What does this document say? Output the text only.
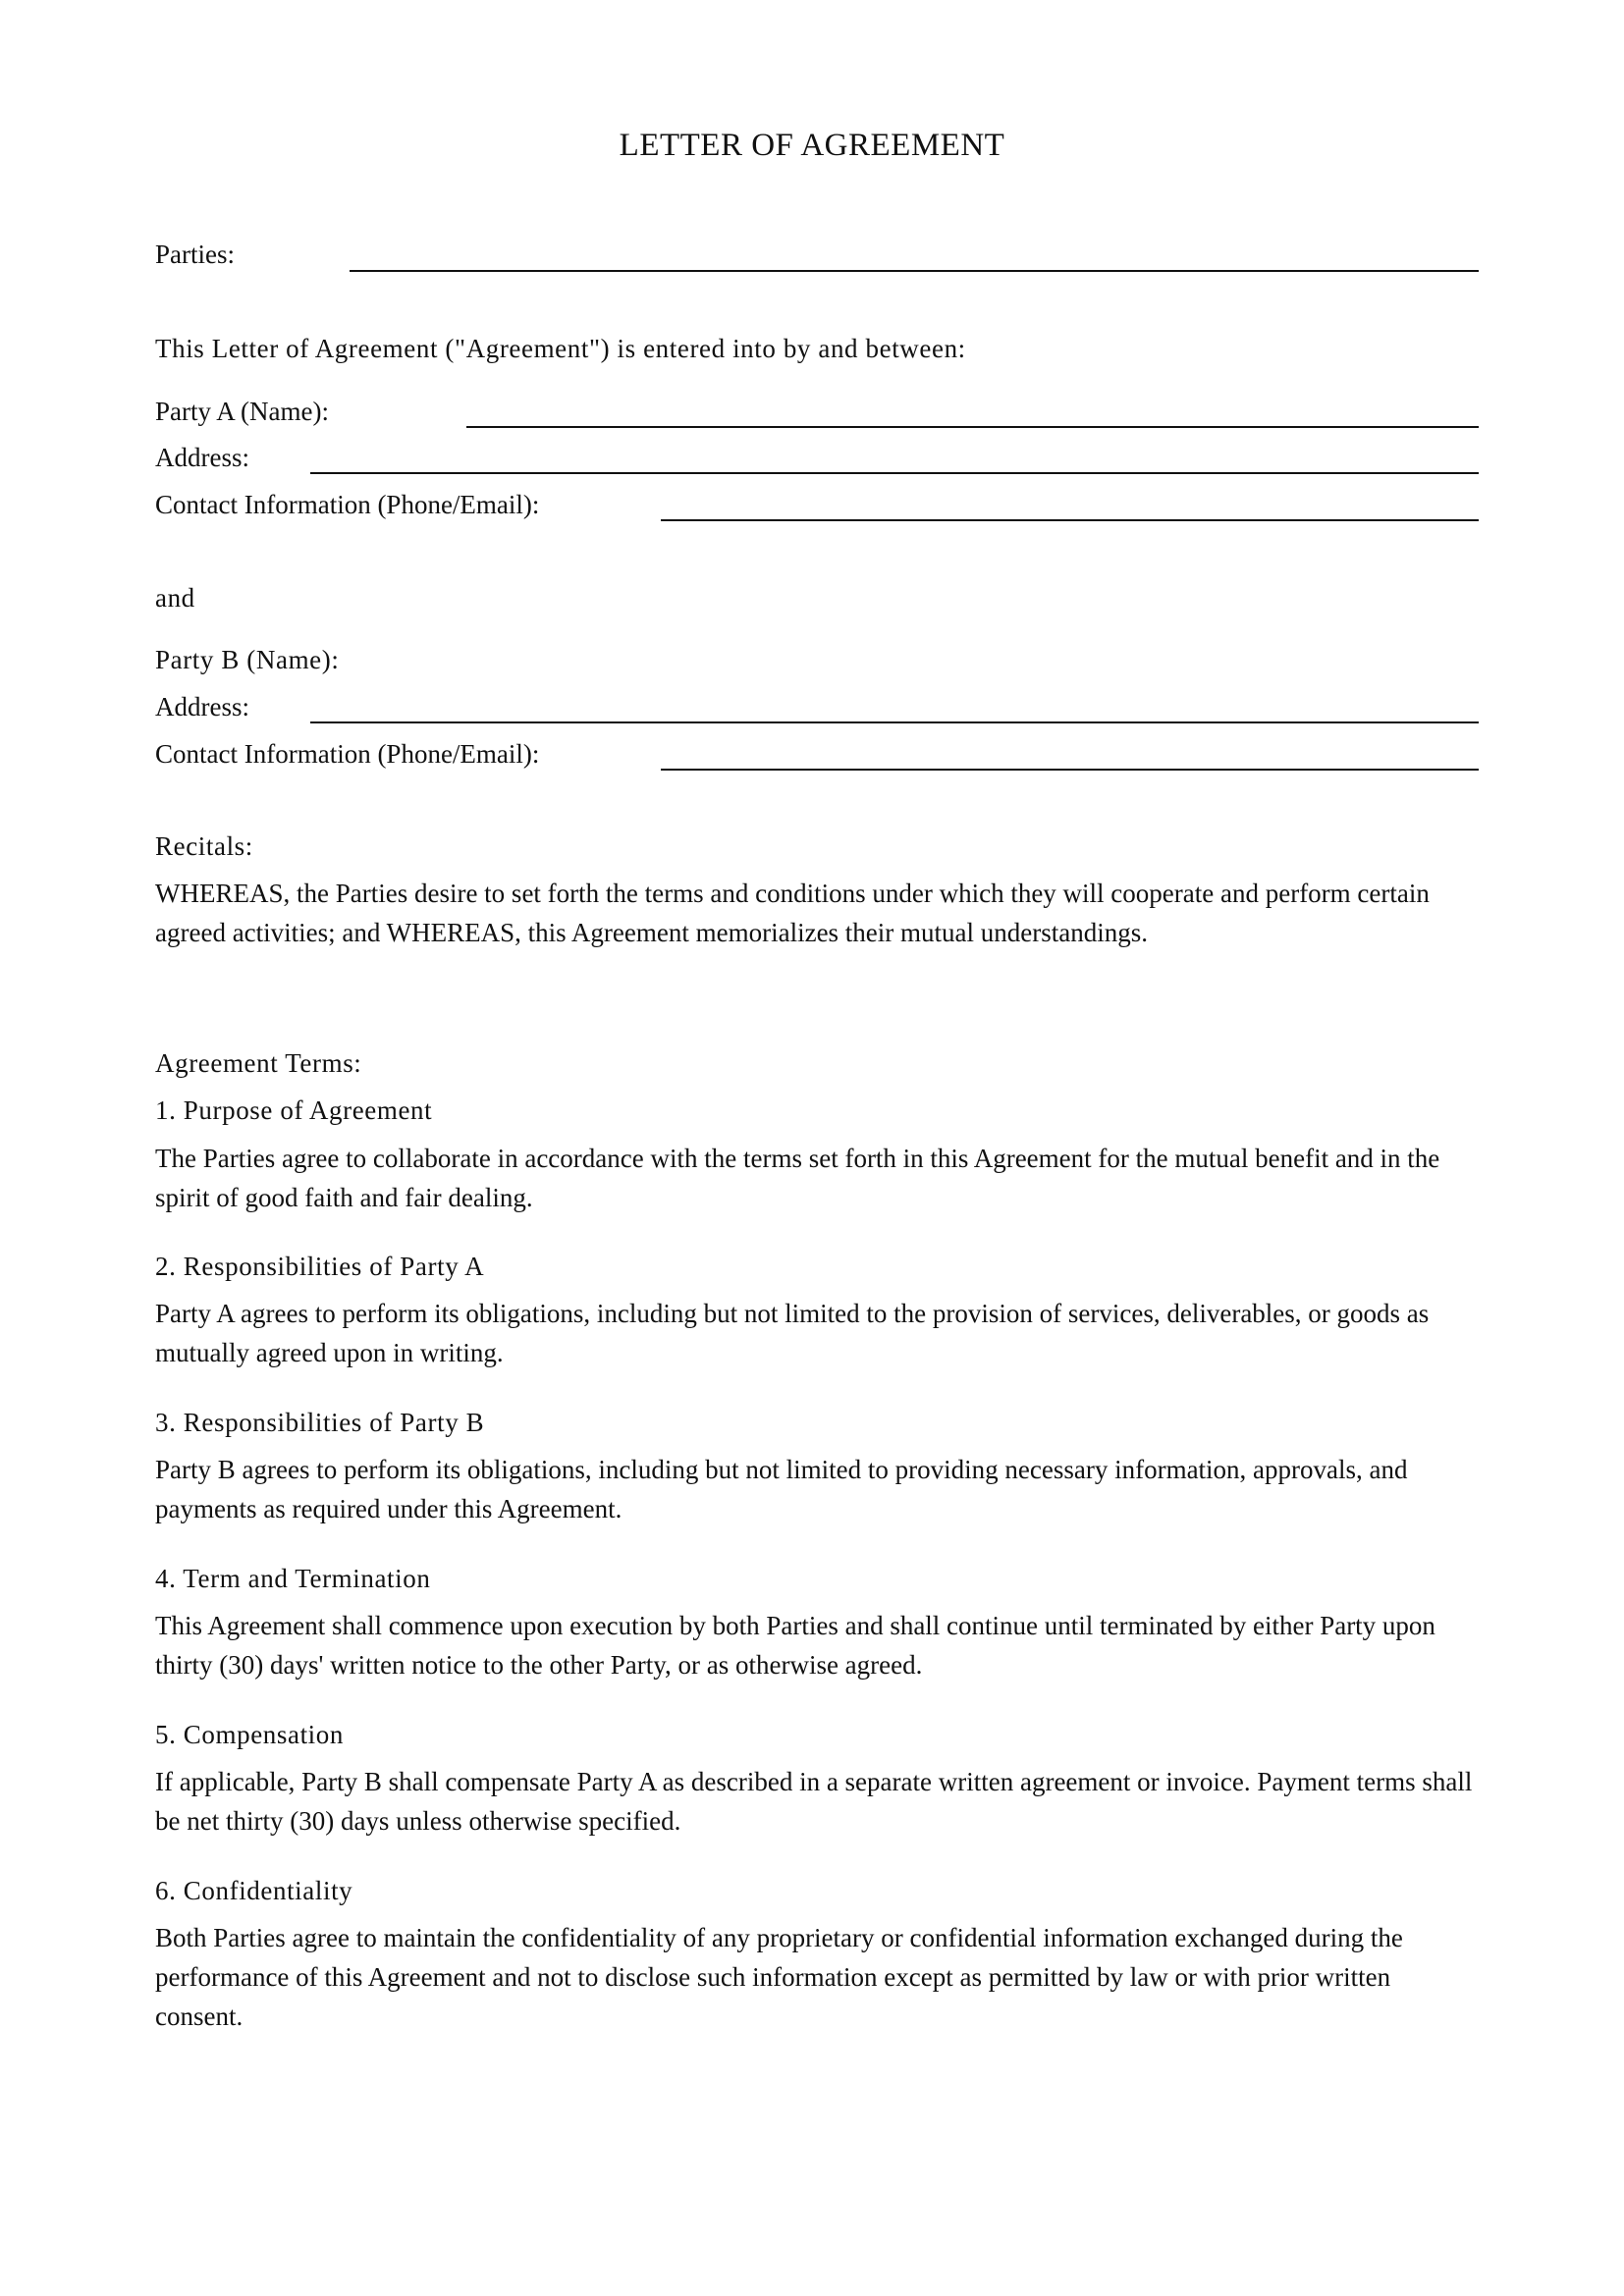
LETTER OF AGREEMENT
Parties:
This Letter of Agreement ("Agreement") is entered into by and between:
Party A (Name):
Address:
Contact Information (Phone/Email):
and
Party B (Name):
Address:
Contact Information (Phone/Email):
Recitals:

WHEREAS, the Parties desire to set forth the terms and conditions under which they will cooperate and perform certain agreed activities; and WHEREAS, this Agreement memorializes their mutual understandings.

Agreement Terms:
1. Purpose of Agreement

The Parties agree to collaborate in accordance with the terms set forth in this Agreement for the mutual benefit and in the spirit of good faith and fair dealing.

2. Responsibilities of Party A

Party A agrees to perform its obligations, including but not limited to the provision of services, deliverables, or goods as mutually agreed upon in writing.

3. Responsibilities of Party B

Party B agrees to perform its obligations, including but not limited to providing necessary information, approvals, and payments as required under this Agreement.

4. Term and Termination

This Agreement shall commence upon execution by both Parties and shall continue until terminated by either Party upon thirty (30) days' written notice to the other Party, or as otherwise agreed.

5. Compensation

If applicable, Party B shall compensate Party A as described in a separate written agreement or invoice. Payment terms shall be net thirty (30) days unless otherwise specified.

6. Confidentiality

Both Parties agree to maintain the confidentiality of any proprietary or confidential information exchanged during the performance of this Agreement and not to disclose such information except as permitted by law or with prior written consent.
